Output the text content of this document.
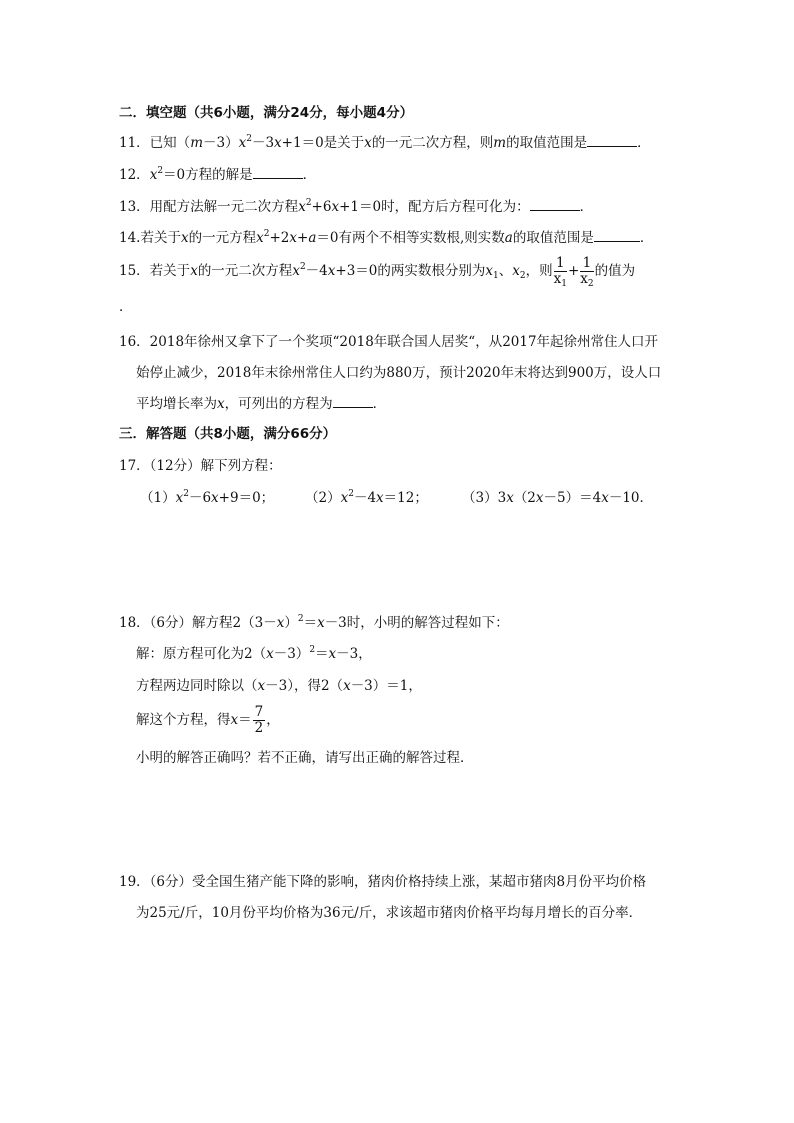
二．填空题（共6小题，满分24分，每小题4分）
11．已知$(m-3)x^2-3x+1=0$是关于x的一元二次方程，则m的取值范围是	．
12．$x^2=0$方程的解是	．
13．用配方法解一元二次方程$x^2+6x+1=0$时，配方后方程可化为：	．
14.若关于x的一元方程$x^2+2x+a=0$有两个不相等实数根,则实数a的取值范围是	．
15．若关于x的一元二次方程$x^2-4x+3=0$的两实数根分别为$x_1$、$x_2$，则 $\frac{1}{x_1} + \frac{1}{x_2}$ 的值为
．
16．2018年徐州又拿下了一个奖项“2018年联合国人居奖“，从2017年起徐州常住人口开
始停止减少，2018年末徐州常住人口约为880万，预计2020年末将达到900万，设人口
平均增长率为x，可列出的方程为	．
三．解答题（共8小题，满分66分）
17．（12分）解下列方程：
$(1)x^2-6x+9=0$； $(2)x^2-4x=12$；	（3）3x（2x－5）＝4x－10．
18．（6分）解方程$2(3-x)^2=x-3$时，小明的解答过程如下：
解：原方程可化为$2(x-3)^2=x-3$，
方程两边同时除以（x－3），得2（x－3）＝1，
解这个方程，得$x= \frac{7}{2}$ ，
小明的解答正确吗？若不正确，请写出正确的解答过程．
19．（6分）受全国生猪产能下降的影响，猪肉价格持续上涨，某超市猪肉8月份平均价格
为25元/斤，10月份平均价格为36元/斤，求该超市猪肉价格平均每月增长的百分率．
